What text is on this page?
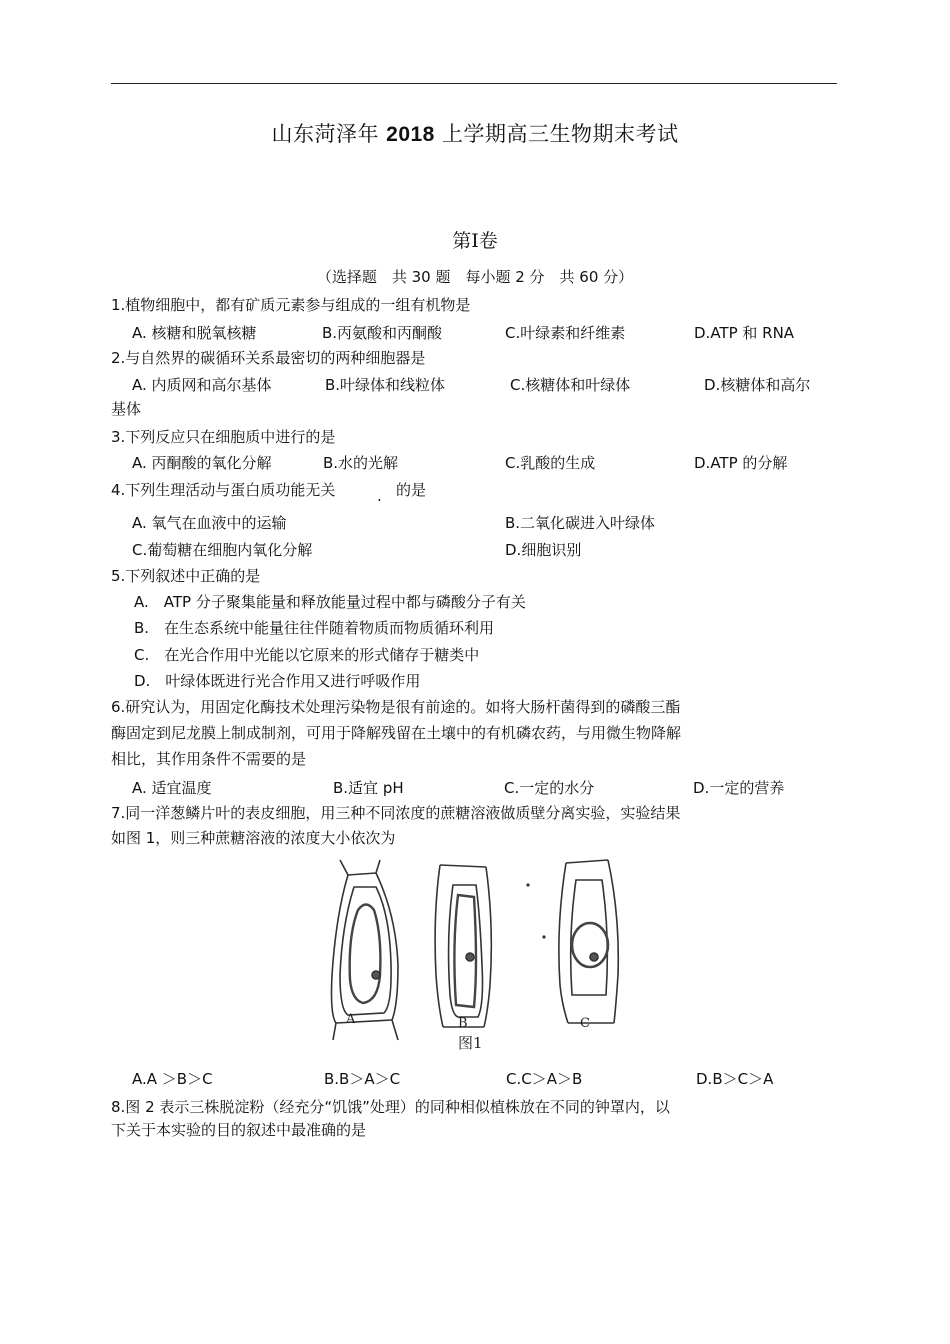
山东菏泽年 2018 上学期高三生物期末考试
第Ⅰ卷
（选择题　共 30 题　每小题 2 分　共 60 分）
1.植物细胞中，都有矿质元素参与组成的一组有机物是
A. 核糖和脱氧核糖	B.丙氨酸和丙酮酸	C.叶绿素和纤维素	D.ATP 和 RNA
2.与自然界的碳循环关系最密切的两种细胞器是
A. 内质网和高尔基体	B.叶绿体和线粒体	C.核糖体和叶绿体	D.核糖体和高尔
基体
3.下列反应只在细胞质中进行的是
A. 丙酮酸的氧化分解	B.水的光解	C.乳酸的生成	D.ATP 的分解
4.下列生理活动与蛋白质功能无关	. 的是
A. 氧气在血液中的运输	B.二氧化碳进入叶绿体
C.葡萄糖在细胞内氧化分解	D.细胞识别
5.下列叙述中正确的是
A.　ATP 分子聚集能量和释放能量过程中都与磷酸分子有关
B.　在生态系统中能量往往伴随着物质而物质循环利用
C.　在光合作用中光能以它原来的形式储存于糖类中
D.　叶绿体既进行光合作用又进行呼吸作用
6.研究认为，用固定化酶技术处理污染物是很有前途的。如将大肠杆菌得到的磷酸三酯
酶固定到尼龙膜上制成制剂，可用于降解残留在土壤中的有机磷农药，与用微生物降解
相比，其作用条件不需要的是
A. 适宜温度	B.适宜 pH	C.一定的水分	D.一定的营养
7.同一洋葱鳞片叶的表皮细胞，用三种不同浓度的蔗糖溶液做质壁分离实验，实验结果
如图 1，则三种蔗糖溶液的浓度大小依次为
A	B	C
图1
A.A ＞B＞C	B.B＞A＞C	C.C＞A＞B	D.B＞C＞A
8.图 2 表示三株脱淀粉（经充分“饥饿”处理）的同种相似植株放在不同的钟罩内，以
下关于本实验的目的叙述中最准确的是
